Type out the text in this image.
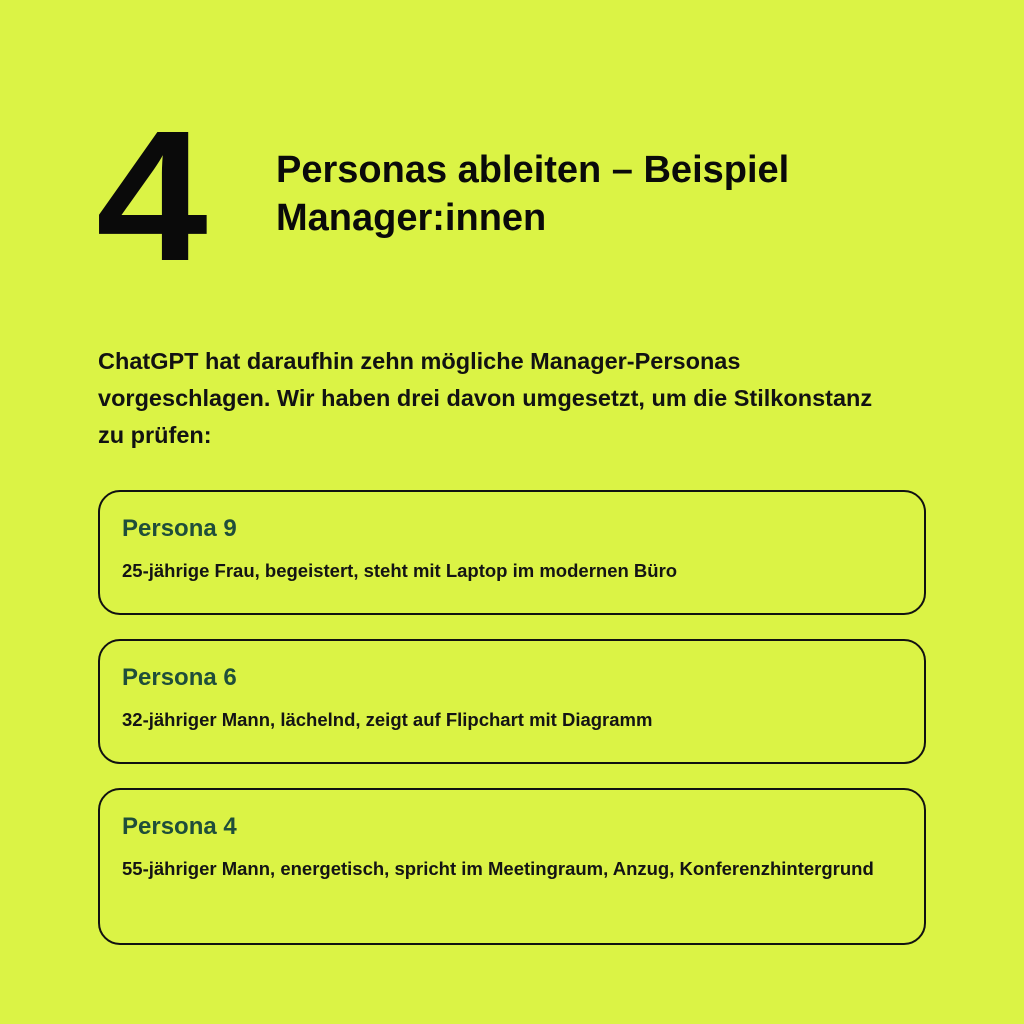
4 Personas ableiten – Beispiel
Manager:innen

ChatGPT hat daraufhin zehn mögliche Manager-Personas vorgeschlagen. Wir haben drei davon umgesetzt, um die Stilkonstanz zu prüfen:

Persona 9

25-jährige Frau, begeistert, steht mit Laptop im modernen Büro

Persona 6

32-jähriger Mann, lächelnd, zeigt auf Flipchart mit Diagramm

Persona 4

55-jähriger Mann, energetisch, spricht im Meetingraum, Anzug, Konferenzhintergrund
